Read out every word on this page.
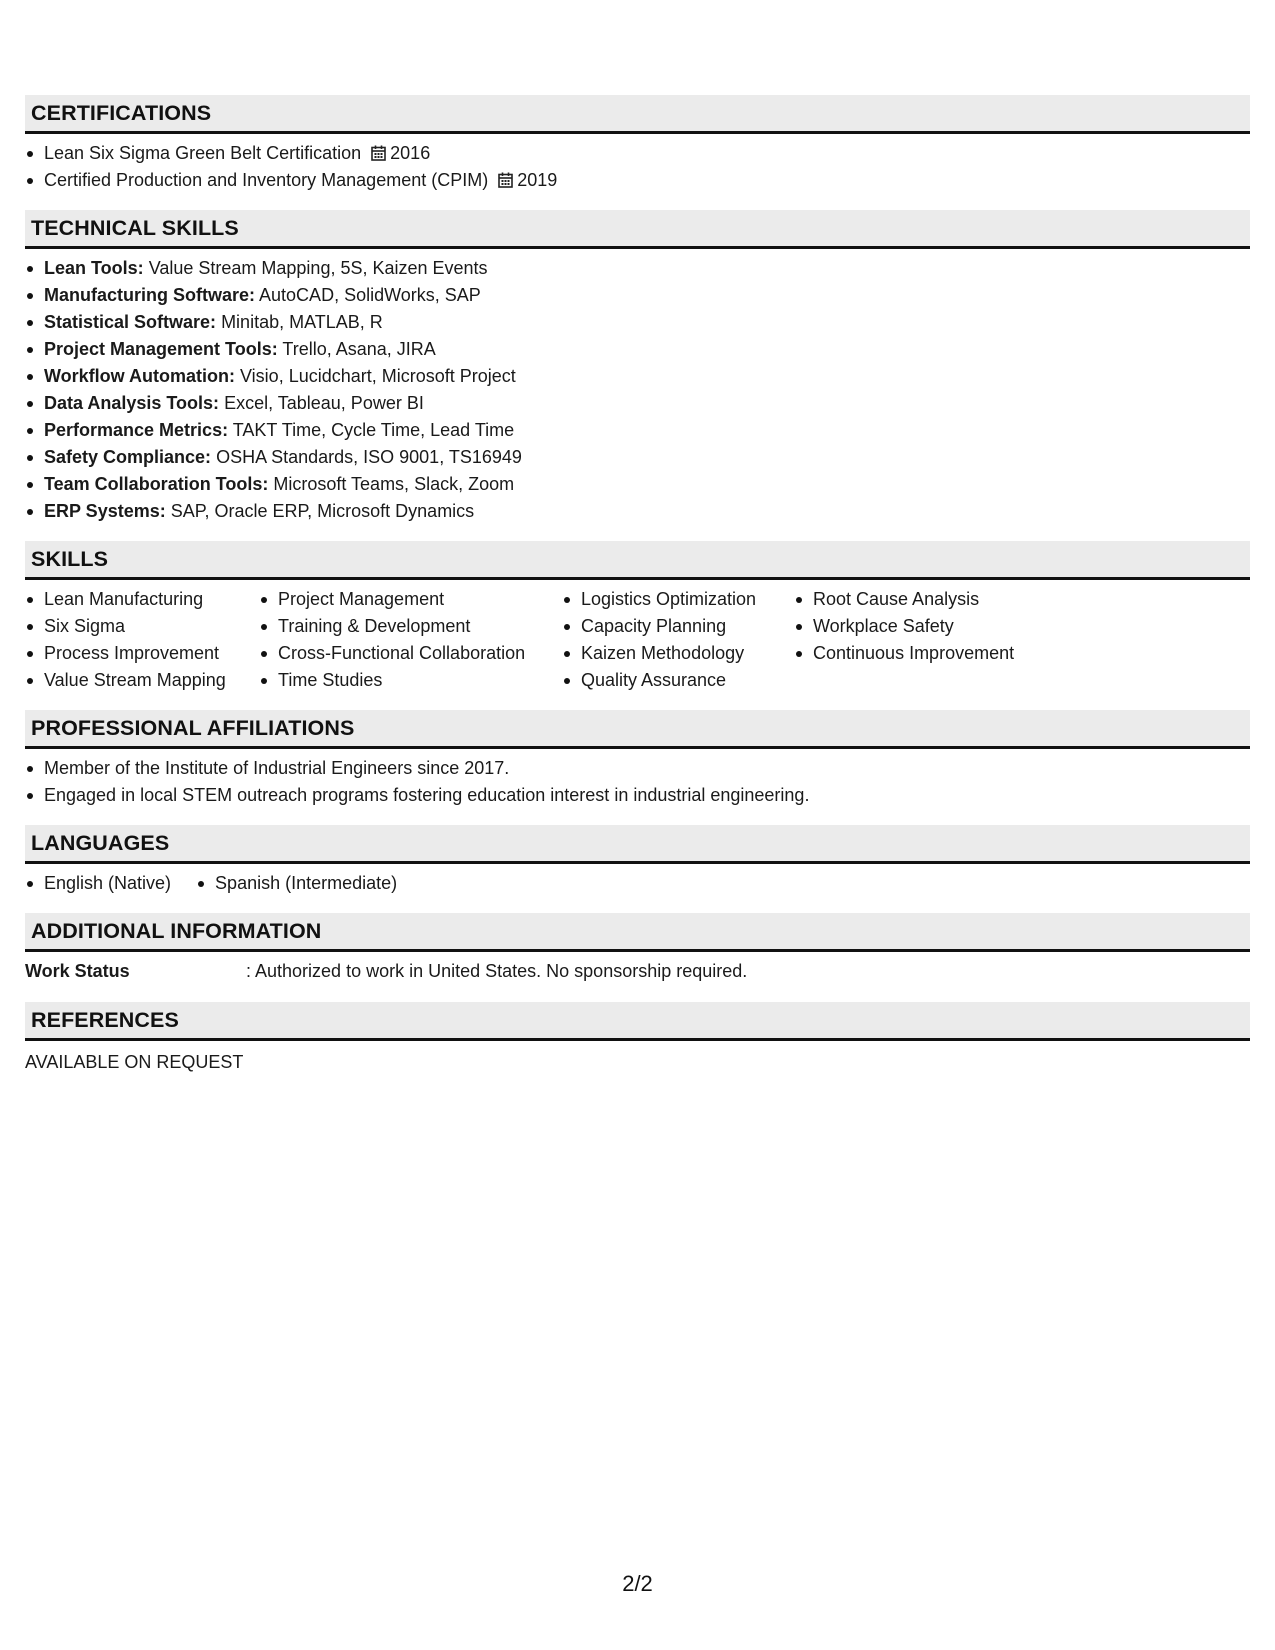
CERTIFICATIONS
Lean Six Sigma Green Belt Certification 2016
Certified Production and Inventory Management (CPIM) 2019
TECHNICAL SKILLS
Lean Tools: Value Stream Mapping, 5S, Kaizen Events
Manufacturing Software: AutoCAD, SolidWorks, SAP
Statistical Software: Minitab, MATLAB, R
Project Management Tools: Trello, Asana, JIRA
Workflow Automation: Visio, Lucidchart, Microsoft Project
Data Analysis Tools: Excel, Tableau, Power BI
Performance Metrics: TAKT Time, Cycle Time, Lead Time
Safety Compliance: OSHA Standards, ISO 9001, TS16949
Team Collaboration Tools: Microsoft Teams, Slack, Zoom
ERP Systems: SAP, Oracle ERP, Microsoft Dynamics
SKILLS
Lean Manufacturing
Six Sigma
Process Improvement
Value Stream Mapping
Project Management
Training & Development
Cross-Functional Collaboration
Time Studies
Logistics Optimization
Capacity Planning
Kaizen Methodology
Quality Assurance
Root Cause Analysis
Workplace Safety
Continuous Improvement
PROFESSIONAL AFFILIATIONS
Member of the Institute of Industrial Engineers since 2017.
Engaged in local STEM outreach programs fostering education interest in industrial engineering.
LANGUAGES
English (Native)	Spanish (Intermediate)
ADDITIONAL INFORMATION
Work Status	: Authorized to work in United States. No sponsorship required.
REFERENCES
AVAILABLE ON REQUEST
2/2
